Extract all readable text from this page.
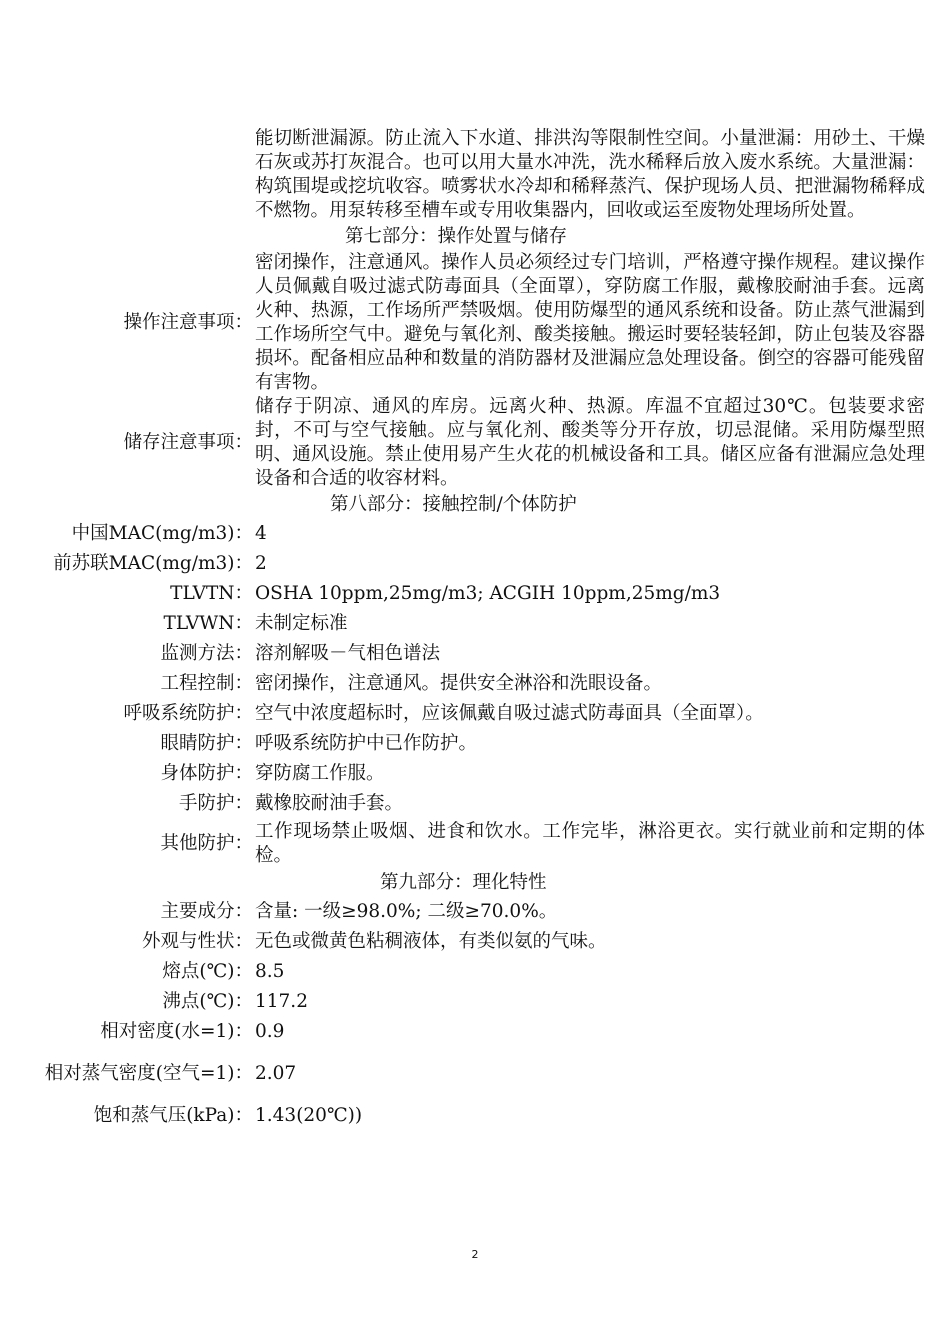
能切断泄漏源。防止流入下水道、排洪沟等限制性空间。小量泄漏：用砂土、干燥石灰或苏打灰混合。也可以用大量水冲洗，洗水稀释后放入废水系统。大量泄漏：构筑围堤或挖坑收容。喷雾状水冷却和稀释蒸汽、保护现场人员、把泄漏物稀释成不燃物。用泵转移至槽车或专用收集器内，回收或运至废物处理场所处置。
第七部分：操作处置与储存
操作注意事项：
密闭操作，注意通风。操作人员必须经过专门培训，严格遵守操作规程。建议操作人员佩戴自吸过滤式防毒面具（全面罩），穿防腐工作服，戴橡胶耐油手套。远离火种、热源，工作场所严禁吸烟。使用防爆型的通风系统和设备。防止蒸气泄漏到工作场所空气中。避免与氧化剂、酸类接触。搬运时要轻装轻卸，防止包装及容器损坏。配备相应品种和数量的消防器材及泄漏应急处理设备。倒空的容器可能残留有害物。
储存注意事项：
储存于阴凉、通风的库房。远离火种、热源。库温不宜超过30℃。包装要求密封，不可与空气接触。应与氧化剂、酸类等分开存放，切忌混储。采用防爆型照明、通风设施。禁止使用易产生火花的机械设备和工具。储区应备有泄漏应急处理设备和合适的收容材料。
第八部分：接触控制/个体防护
中国MAC(mg/m3)： 4
前苏联MAC(mg/m3)： 2
TLVTN： OSHA 10ppm,25mg/m3; ACGIH 10ppm,25mg/m3
TLVWN： 未制定标准
监测方法： 溶剂解吸－气相色谱法
工程控制： 密闭操作，注意通风。提供安全淋浴和洗眼设备。
呼吸系统防护： 空气中浓度超标时，应该佩戴自吸过滤式防毒面具（全面罩）。
眼睛防护： 呼吸系统防护中已作防护。
身体防护： 穿防腐工作服。
手防护： 戴橡胶耐油手套。
其他防护：
工作现场禁止吸烟、进食和饮水。工作完毕，淋浴更衣。实行就业前和定期的体检。
第九部分：理化特性
主要成分： 含量: 一级≥98.0%; 二级≥70.0%。
外观与性状： 无色或微黄色粘稠液体，有类似氨的气味。
熔点(℃)： 8.5
沸点(℃)： 117.2
相对密度(水=1)： 0.9
相对蒸气密度(空气=1)： 2.07
饱和蒸气压(kPa)： 1.43(20℃))
2
